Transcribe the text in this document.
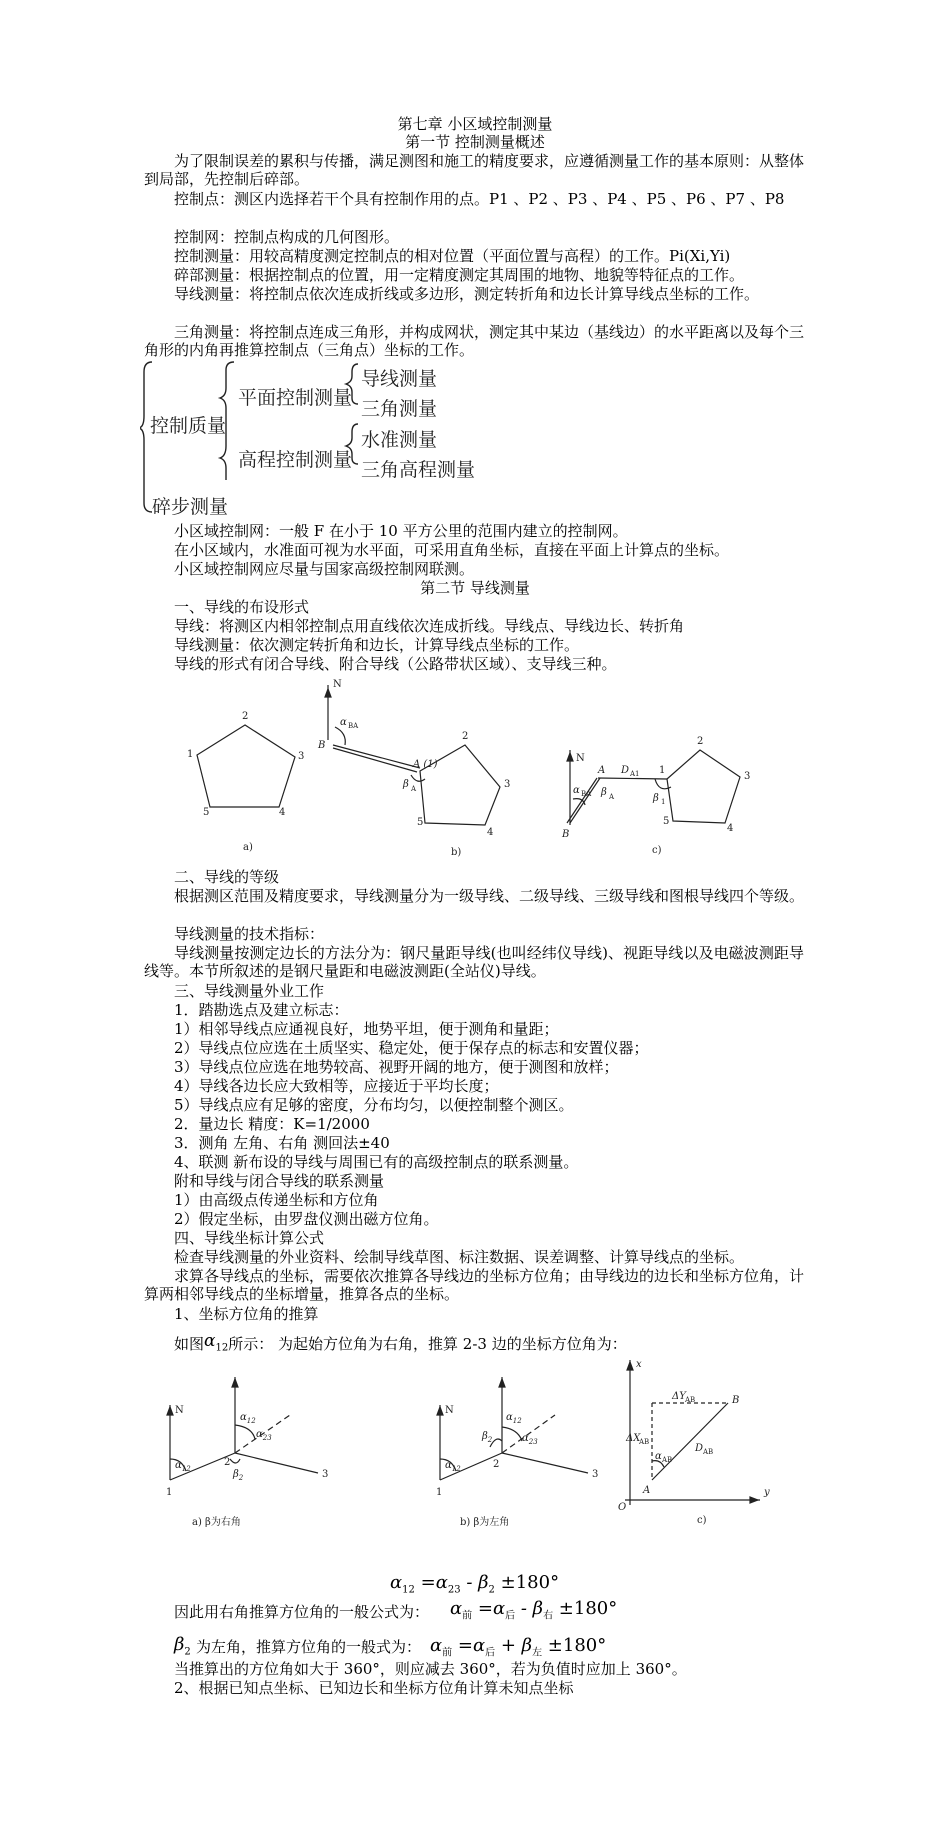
第七章 小区域控制测量
第一节 控制测量概述
为了限制误差的累积与传播，满足测图和施工的精度要求，应遵循测量工作的基本原则：从整体到局部，先控制后碎部。
控制点：测区内选择若干个具有控制作用的点。P1 、P2 、P3 、P4 、P5 、P6 、P7 、P8
控制网：控制点构成的几何图形。
控制测量：用较高精度测定控制点的相对位置（平面位置与高程）的工作。Pi(Xi,Yi)
碎部测量：根据控制点的位置，用一定精度测定其周围的地物、地貌等特征点的工作。
导线测量：将控制点依次连成折线或多边形，测定转折角和边长计算导线点坐标的工作。
三角测量：将控制点连成三角形，并构成网状，测定其中某边（基线边）的水平距离以及每个三角形的内角再推算控制点（三角点）坐标的工作。
控制质量
平面控制测量
导线测量
三角测量
高程控制测量
水准测量
三角高程测量
碎步测量
小区域控制网：一般 F 在小于 10 平方公里的范围内建立的控制网。
在小区域内，水准面可视为水平面，可采用直角坐标，直接在平面上计算点的坐标。
小区域控制网应尽量与国家高级控制网联测。
第二节 导线测量
一、导线的布设形式
导线：将测区内相邻控制点用直线依次连成折线。导线点、导线边长、转折角
导线测量：依次测定转折角和边长，计算导线点坐标的工作。
导线的形式有闭合导线、附合导线（公路带状区域）、支导线三种。
2
1	3
5	4
a)
N
B
A (1)
α BA
β A
2
3
4
5
b)
N
B
A
α BA β A
D A1 1
β 1
2
3
4
5
c)
二、导线的等级
根据测区范围及精度要求，导线测量分为一级导线、二级导线、三级导线和图根导线四个等级。
导线测量的技术指标：
导线测量按测定边长的方法分为：钢尺量距导线(也叫经纬仪导线)、视距导线以及电磁波测距导线等。本节所叙述的是钢尺量距和电磁波测距(全站仪)导线。
三、导线测量外业工作
1．踏勘选点及建立标志：
1）相邻导线点应通视良好，地势平坦，便于测角和量距；
2）导线点位应选在土质坚实、稳定处，便于保存点的标志和安置仪器；
3）导线点位应选在地势较高、视野开阔的地方，便于测图和放样；
4）导线各边长应大致相等，应接近于平均长度；
5）导线点应有足够的密度，分布均匀，以便控制整个测区。
2．量边长 精度：K=1/2000
3．测角 左角、右角 测回法±40
4、联测 新布设的导线与周围已有的高级控制点的联系测量。
附和导线与闭合导线的联系测量
1）由高级点传递坐标和方位角
2）假定坐标，由罗盘仪测出磁方位角。
四、导线坐标计算公式
检查导线测量的外业资料、绘制导线草图、标注数据、误差调整、计算导线点的坐标。
求算各导线点的坐标，需要依次推算各导线边的坐标方位角；由导线边的边长和坐标方位角，计算两相邻导线点的坐标增量，推算各点的坐标。
1、坐标方位角的推算
如图$\alpha_{12}$所示： 为起始方位角为右角，推算 2-3 边的坐标方位角为：
N
1
2
3
$\alpha_{12}$
$\alpha_{23}$
$\alpha_{12}$	$\beta_2$
a) β为右角
N
1
2
3
$\alpha_{12}$
$\alpha_{23}$
$\alpha_{12}$
$\beta_2$
b) β为左角
x
y
O
A
B
ΔY AB
ΔX
AB
D AB
α AB
c)
$\alpha_{12} =\alpha_{23} - \beta_2 \pm 180^\circ$
因此用右角推算方位角的一般公式为： $\alpha_前 =\alpha_后 - \beta_右 \pm 180^\circ$
$\beta_2$ 为左角，推算方位角的一般式为： $\alpha_前 =\alpha_后 + \beta_左 \pm 180^\circ$
当推算出的方位角如大于 360°，则应减去 360°，若为负值时应加上 360°。
2、根据已知点坐标、已知边长和坐标方位角计算未知点坐标
